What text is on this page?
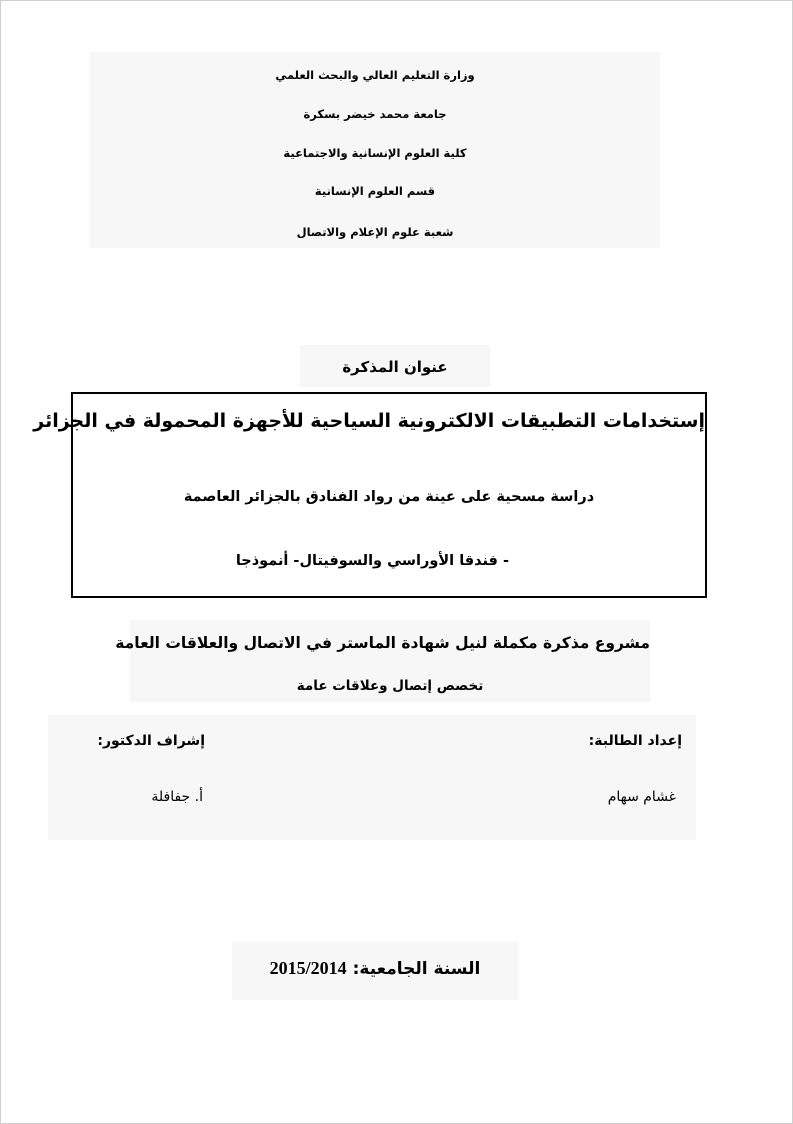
وزارة التعليم العالي والبحث العلمي
جامعة محمد خيضر بسكرة
كلية العلوم الإنسانية والاجتماعية
قسم العلوم الإنسانية
شعبة علوم الإعلام والاتصال
عنوان المذكرة
إستخدامات التطبيقات الالكترونية السياحية للأجهزة المحمولة في الجزائر
دراسة مسحية على عينة من رواد الفنادق بالجزائر العاصمة
- فندقا الأوراسي والسوفيتال- أنموذجا
مشروع مذكرة مكملة لنيل شهادة الماستر في الاتصال والعلاقات العامة
تخصص إتصال وعلاقات عامة
إعداد الطالبة:
غشام سهام
إشراف الدكتور:
أ. جفافلة
السنة الجامعية: 2015/2014
